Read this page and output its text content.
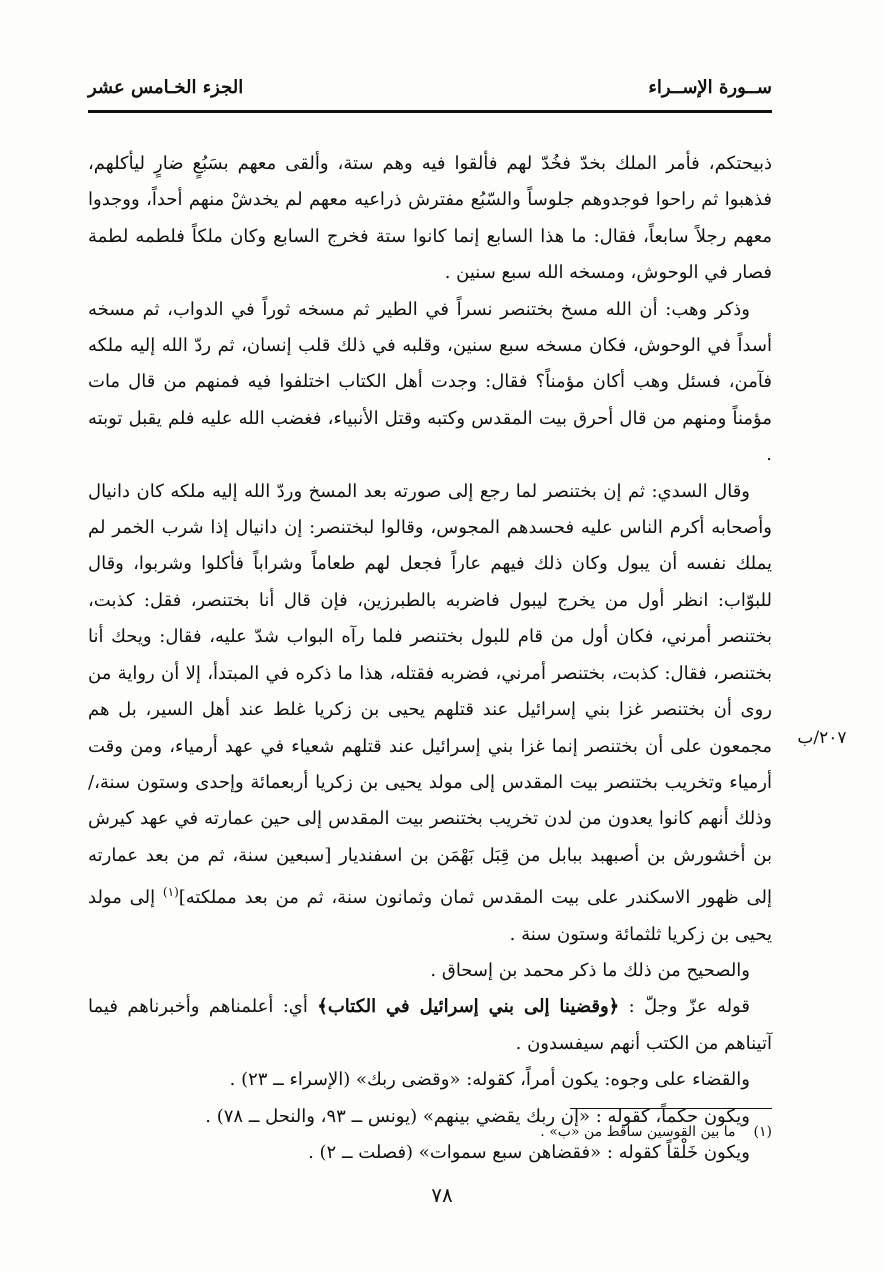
الجزء الخـامس عشر	ســورة الإســراء
٢٠٧/ب

ذبيحتكم، فأمر الملك بخدّ فخُدّ لهم فألقوا فيه وهم ستة، وألقى معهم بسَبُعٍ ضارٍ ليأكلهم، فذهبوا ثم راحوا فوجدوهم جلوساً والسّبُع مفترش ذراعيه معهم لم يخدشْ منهم أحداً، ووجدوا معهم رجلاً سابعاً، فقال: ما هذا السابع إنما كانوا ستة فخرج السابع وكان ملكاً فلطمه لطمة فصار في الوحوش، ومسخه الله سبع سنين .

وذكر وهب: أن الله مسخ بختنصر نسراً في الطير ثم مسخه ثوراً في الدواب، ثم مسخه أسداً في الوحوش، فكان مسخه سبع سنين، وقلبه في ذلك قلب إنسان، ثم ردّ الله إليه ملكه فآمن، فسئل وهب أكان مؤمناً؟ فقال: وجدت أهل الكتاب اختلفوا فيه فمنهم من قال مات مؤمناً ومنهم من قال أحرق بيت المقدس وكتبه وقتل الأنبياء، فغضب الله عليه فلم يقبل توبته .

وقال السدي: ثم إن بختنصر لما رجع إلى صورته بعد المسخ وردّ الله إليه ملكه كان دانيال وأصحابه أكرم الناس عليه فحسدهم المجوس، وقالوا لبختنصر: إن دانيال إذا شرب الخمر لم يملك نفسه أن يبول وكان ذلك فيهم عاراً فجعل لهم طعاماً وشراباً فأكلوا وشربوا، وقال للبوّاب: انظر أول من يخرج ليبول فاضربه بالطبرزين، فإن قال أنا بختنصر، فقل: كذبت، بختنصر أمرني، فكان أول من قام للبول بختنصر فلما رآه البواب شدّ عليه، فقال: ويحك أنا بختنصر، فقال: كذبت، بختنصر أمرني، فضربه فقتله، هذا ما ذكره في المبتدأ، إلا أن رواية من روى أن بختنصر غزا بني إسرائيل عند قتلهم يحيى بن زكريا غلط عند أهل السير، بل هم مجمعون على أن بختنصر إنما غزا بني إسرائيل عند قتلهم شعياء في عهد أرمياء، ومن وقت أرمياء وتخريب بختنصر بيت المقدس إلى مولد يحيى بن زكريا أربعمائة وإحدى وستون سنة،/وذلك أنهم كانوا يعدون من لدن تخريب بختنصر بيت المقدس إلى حين عمارته في عهد كيرش بن أخشورش بن أصبهبد ببابل من قِبَل بَهْمَن بن اسفنديار [سبعين سنة، ثم من بعد عمارته إلى ظهور الاسكندر على بيت المقدس ثمان وثمانون سنة، ثم من بعد مملكته]$^{(١)}$ إلى مولد يحيى بن زكريا ثلثمائة وستون سنة .

والصحيح من ذلك ما ذكر محمد بن إسحاق .

قوله عزّ وجلّ : ﴿وقضينا إلى بني إسرائيل في الكتاب﴾ أي: أعلمناهم وأخبرناهم فيما آتيناهم من الكتب أنهم سيفسدون .

والقضاء على وجوه: يكون أمراً، كقوله: «وقضى ربك» (الإسراء ــ ٢٣) .

ويكون حكماً، كقوله : «إن ربك يقضي بينهم» (يونس ــ ٩٣، والنحل ــ ٧٨) .

ويكون خَلْقاً كقوله : «فقضاهن سبع سموات» (فصلت ــ ٢) .

(١)ما بين القوسين ساقط من «ب» .
٧٨
